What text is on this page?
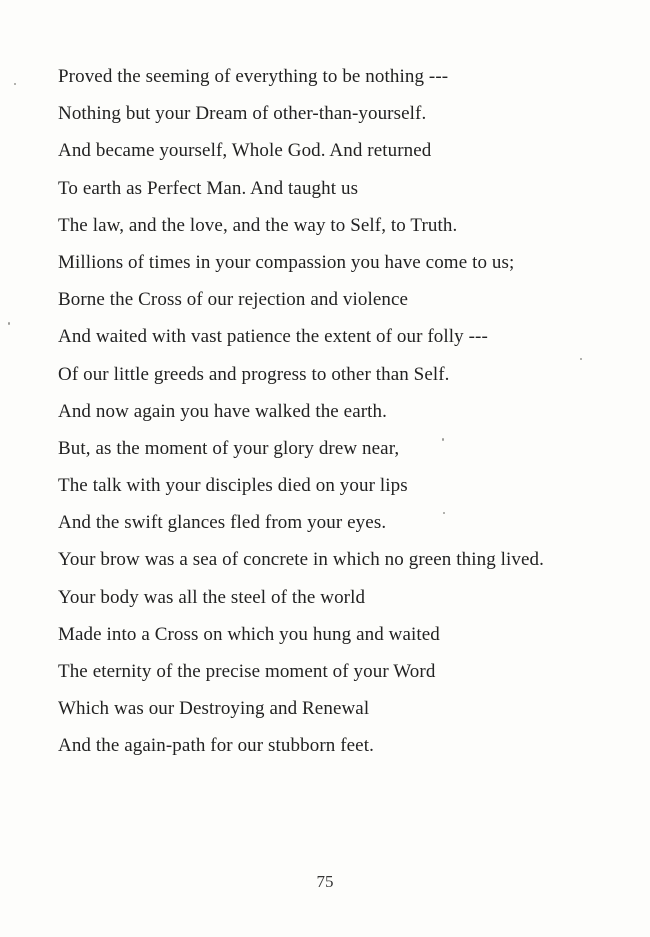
Proved the seeming of everything to be nothing ---
Nothing but your Dream of other-than-yourself.
And became yourself, Whole God. And returned
To earth as Perfect Man. And taught us
The law, and the love, and the way to Self, to Truth.
Millions of times in your compassion you have come to us;
Borne the Cross of our rejection and violence
And waited with vast patience the extent of our folly ---
Of our little greeds and progress to other than Self.
And now again you have walked the earth.
But, as the moment of your glory drew near,
The talk with your disciples died on your lips
And the swift glances fled from your eyes.
Your brow was a sea of concrete in which no green thing lived.
Your body was all the steel of the world
Made into a Cross on which you hung and waited
The eternity of the precise moment of your Word
Which was our Destroying and Renewal
And the again-path for our stubborn feet.
75
